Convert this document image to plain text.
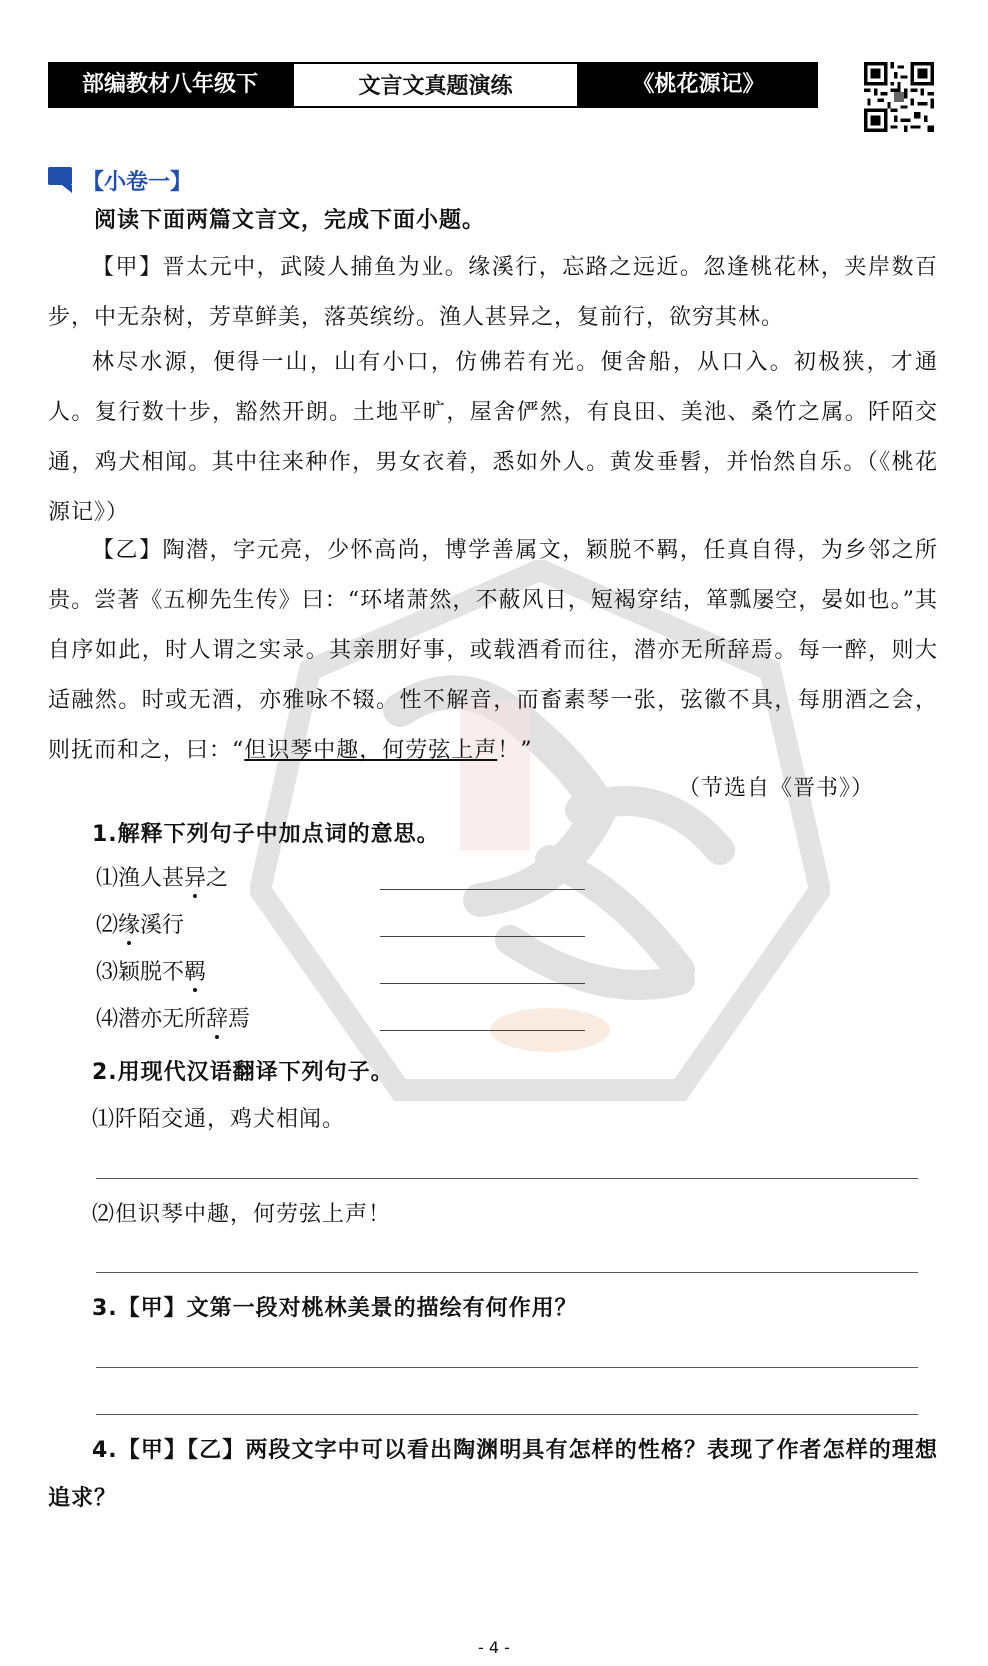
部编教材八年级下	文言文真题演练	《桃花源记》
【小卷一】
阅读下面两篇文言文，完成下面小题。
【甲】晋太元中，武陵人捕鱼为业。缘溪行，忘路之远近。忽逢桃花林，夹岸数百步，中无杂树，芳草鲜美，落英缤纷。渔人甚异之，复前行，欲穷其林。
林尽水源，便得一山，山有小口，仿佛若有光。便舍船，从口入。初极狭，才通人。复行数十步，豁然开朗。土地平旷，屋舍俨然，有良田、美池、桑竹之属。阡陌交通，鸡犬相闻。其中往来种作，男女衣着，悉如外人。黄发垂髫，并怡然自乐。（《桃花源记》）
【乙】陶潜，字元亮，少怀高尚，博学善属文，颖脱不羁，任真自得，为乡邻之所贵。尝著《五柳先生传》曰：“环堵萧然，不蔽风日，短褐穿结，箪瓢屡空，晏如也。”其自序如此，时人谓之实录。其亲朋好事，或载酒肴而往，潜亦无所辞焉。每一醉，则大适融然。时或无酒，亦雅咏不辍。性不解音，而畜素琴一张，弦徽不具，每朋酒之会，则抚而和之，曰：“但识琴中趣，何劳弦上声！”
（节选自《晋书》）
1.解释下列句子中加点词的意思。
⑴渔人甚异之
⑵缘溪行
⑶颖脱不羁
⑷潜亦无所辞焉
2.用现代汉语翻译下列句子。
⑴阡陌交通，鸡犬相闻。
⑵但识琴中趣，何劳弦上声！
3.【甲】文第一段对桃林美景的描绘有何作用？
4.【甲】【乙】两段文字中可以看出陶渊明具有怎样的性格？表现了作者怎样的理想追求？
- 4 -
